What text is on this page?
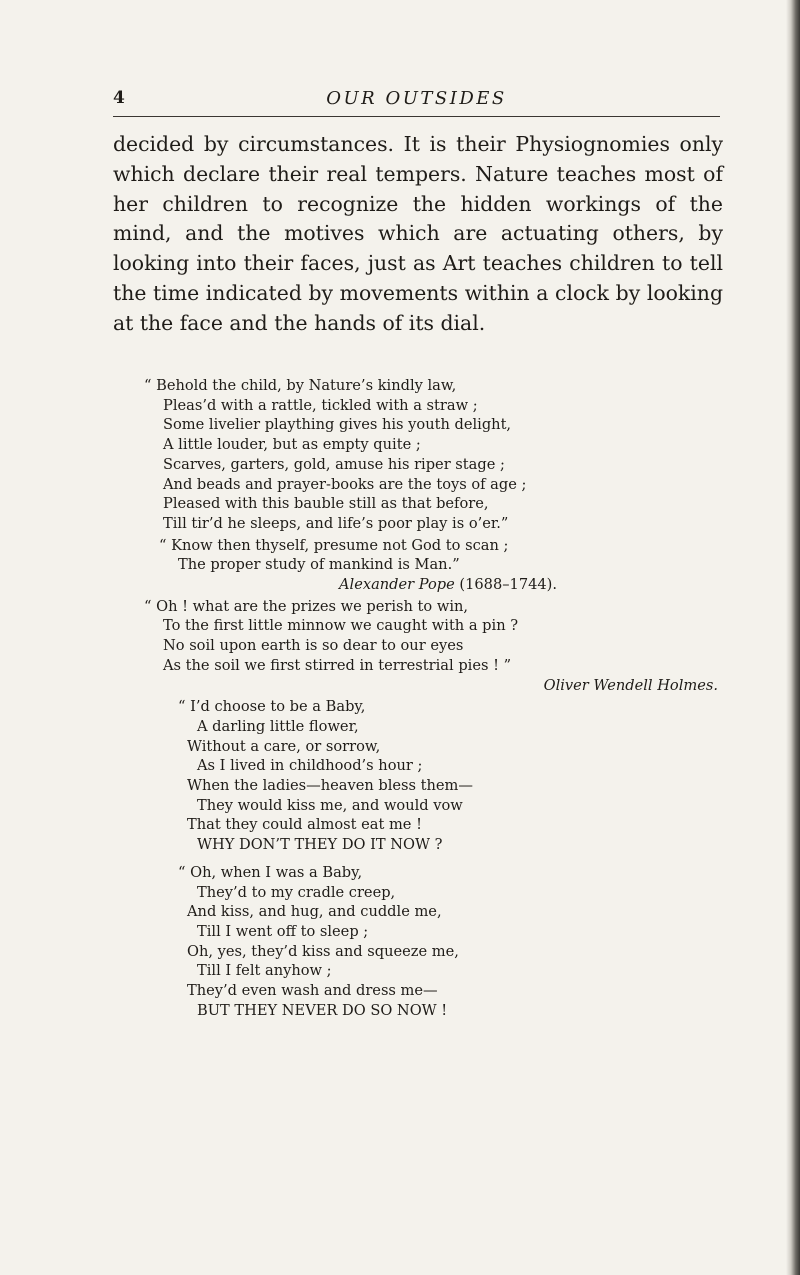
4	OUR OUTSIDES

decided by circumstances. It is their Physiognomies only which declare their real tempers. Nature teaches most of her children to recognize the hidden workings of the mind, and the motives which are actuating others, by looking into their faces, just as Art teaches children to tell the time indicated by movements within a clock by looking at the face and the hands of its dial.

“ Behold the child, by Nature’s kindly law,
Pleas’d with a rattle, tickled with a straw ;
Some livelier plaything gives his youth delight,
A little louder, but as empty quite ;
Scarves, garters, gold, amuse his riper stage ;
And beads and prayer-books are the toys of age ;
Pleased with this bauble still as that before,
Till tir’d he sleeps, and life’s poor play is o’er.”
“ Know then thyself, presume not God to scan ;
The proper study of mankind is Man.”
Alexander Pope (1688–1744).
“ Oh ! what are the prizes we perish to win,
To the first little minnow we caught with a pin ?
No soil upon earth is so dear to our eyes
As the soil we first stirred in terrestrial pies ! ”
Oliver Wendell Holmes.
“ I’d choose to be a Baby,
A darling little flower,
Without a care, or sorrow,
As I lived in childhood’s hour ;
When the ladies—heaven bless them—
They would kiss me, and would vow
That they could almost eat me !
WHY DON’T THEY DO IT NOW ?
“ Oh, when I was a Baby,
They’d to my cradle creep,
And kiss, and hug, and cuddle me,
Till I went off to sleep ;
Oh, yes, they’d kiss and squeeze me,
Till I felt anyhow ;
They’d even wash and dress me—
BUT THEY NEVER DO SO NOW !
